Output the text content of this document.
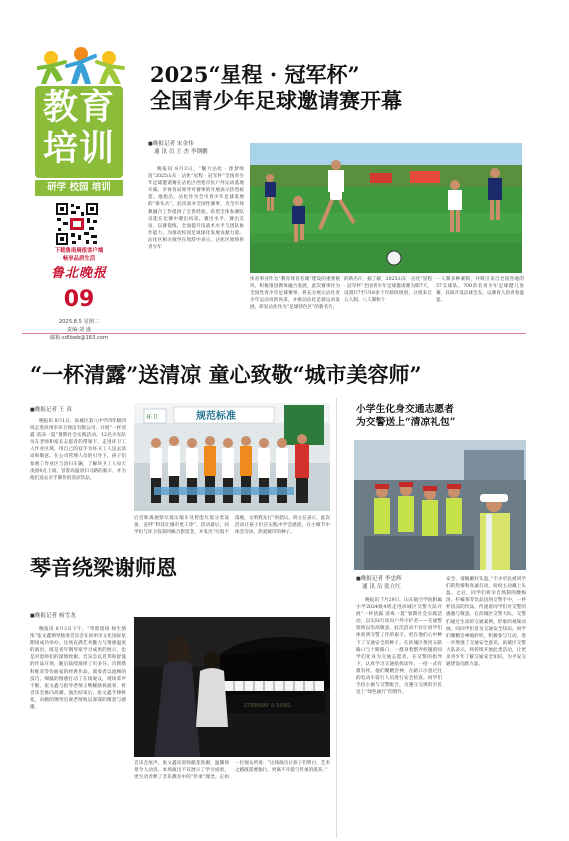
教育
培训
研学 校园 培训
下载鲁南晨报客户端
畅享品质生活
鲁北晚报
09
2025.8.5 星期二
责编:刘 盛
邮箱:sdlbwb@163.com
2025“星程 · 冠军杯”
全国青少年足球邀请赛开幕
■晚报记者 宋金伟
通 讯 员 王 杰 李钢鹏
晚报讯 8月3日，“魅力沾化 · 逐梦绿茵”2025山东 · 沾化“星程 · 冠军杯”全国青少年足球邀请赛在沾化区西苑市民户外运动基地开幕。市体育局领导对赛事的开展表示热烈祝贺。他指出，沾化作为全市青少年足球发展的“排头兵”，此次承办全国性赛事，为全市体教融合工作提供了宝贵经验。希望全体参赛队员能在比赛中赛出风采、赛出水平、赛出友谊，以赛促练，全面提升技战术水平与团队协作能力，为推动校园足球深化发展贡献力量。沾化区相关领导在致辞中表示，沾化区始终将青少年
体育事业作为“教育体育名城”建设的重要板块，积极推进教体融合发展，此次赛事作为全国性青少年足球赛事，将充分展示沾化青少年运动员的风采，并推动沾化足球运动发展，彰显沾化作为“足球特色区”的新名片。
的新名片。据了解，2025山东 · 沾化“星程 · 冠军杯”全国青少年足球邀请赛为期7天，设置U7至U18多个年龄段组别，分别来自五人制、八人制和十
一人制多种赛制，共吸引来自全国各地的57支球队、700余名青少年足球健儿参赛，其间开设沾球会友、以赛育人的青春盛宴。
“一杯清露”送清凉 童心致敬“城市美容师”
■晚报记者 王 真
晚报讯 8月1日，滨城区第八中学四年级四班走进滨州市环卫保洁有限公司，开展“一杯清露 清凉一夏”暑期社会实践活动。12名少先队员在老师和家长志愿者的带领下，走进环卫工人作业区域，用自己的双手为环卫工人送去清凉和敬意。在公司管理人员的引导下，孩子们参观了作业区与清扫车辆，了解环卫工人每天凌晨4点上岗、冒着高温清扫马路的艰辛，并为他们送去亲手制作的清凉饮品。
环卫	规范标准
后近距离观察垃圾压缩车及智能垃圾分类设备，直呼“科技让城市更干净”。活动最后，同学们与环卫叔叔阿姨合影留念，并发出“垃圾不落地，文明我先行”的倡议。班主任表示，此次活动让孩子们在实践中学会感恩，在小细节中体会劳动、热爱城市的种子。
小学生化身交通志愿者
为交警送上“清凉礼包”
■晚报记者 李忠辉
通 讯 员 张立红
晚报讯 7月29日，山东航空学院附属小学2024级4班走进滨城区交警大队开展“一杯清露 清爽一夏”暑期社会实践活动，以实际行动向户外守护者——交通警察致以崇高敬意。此次活动不仅让同学们体验到交警工作的艰辛，更在他们心中种下了交通安全的种子。在滨城区黄河五路路口与十路路口，一群身着整齐校服的同学们化身为交通志愿者，在交警的指导下，认真学习交通指挥动作。一招一式有模有样。他们聚精会神，在路口示意过往的电动车骑行人员进行安全检查。同学们手持小旗与交警配合，为遵守交规的市民送上“绿色通行”的赞许。
安全、请佩戴好头盔。”不少市民被同学们的热情和真诚打动，纷纷主动戴上头盔。之后，同学们将亲自熬制的酸梅汤、柠檬茶等饮品送到交警手中，一杯杯清凉的饮品，传递着同学们对交警的感激与敬意。在滨城区交警大队，交警们通过生动的交通案例、形象的视频动画，向同学们普及交通安全知识。同学们聚精会神地聆听，积极参与互动，进一步增强了交通安全意识。滨城区交警大队表示，将持续开展此类活动，让更多青少年了解交通安全知识，为平安交通建设贡献力量。
琴音绕梁谢师恩
■晚报记者 杨雪龙
晚报讯 8月3日下午，“琴韵悠扬 师生情浓”张文鑫钢琴独奏音乐会在滨州市文化国际星期场成功举办。这场充满艺术魅力与情感温度的演出，既是青年钢琴家学习成果的展示，也是对恩师们的深情致谢。音乐会以肖邦和舒曼的作品开场，随后陆续演绎了贝多芬、肖斯塔科维奇等作曲家的经典作品。演奏者以流畅的技巧、细腻的情感打动了在场观众，现场掌声不断。张文鑫与指导老师王继婉联袂演奏，将音乐会推向高潮。演出结束后，张文鑫手捧鲜花，向她的钢琴启蒙老师致以深深的敬意与感谢。
音乐会尾声，张文鑫向恩师献花致谢，温馨场景令人动容。本场演出不仅展示了学习成果，更生动诠释了音乐教育中的“传承”理念。正如一位观众所说：“这场演出让孩子们明白，艺术之路既需要独行，更离不开爱与传承的滋养。”
